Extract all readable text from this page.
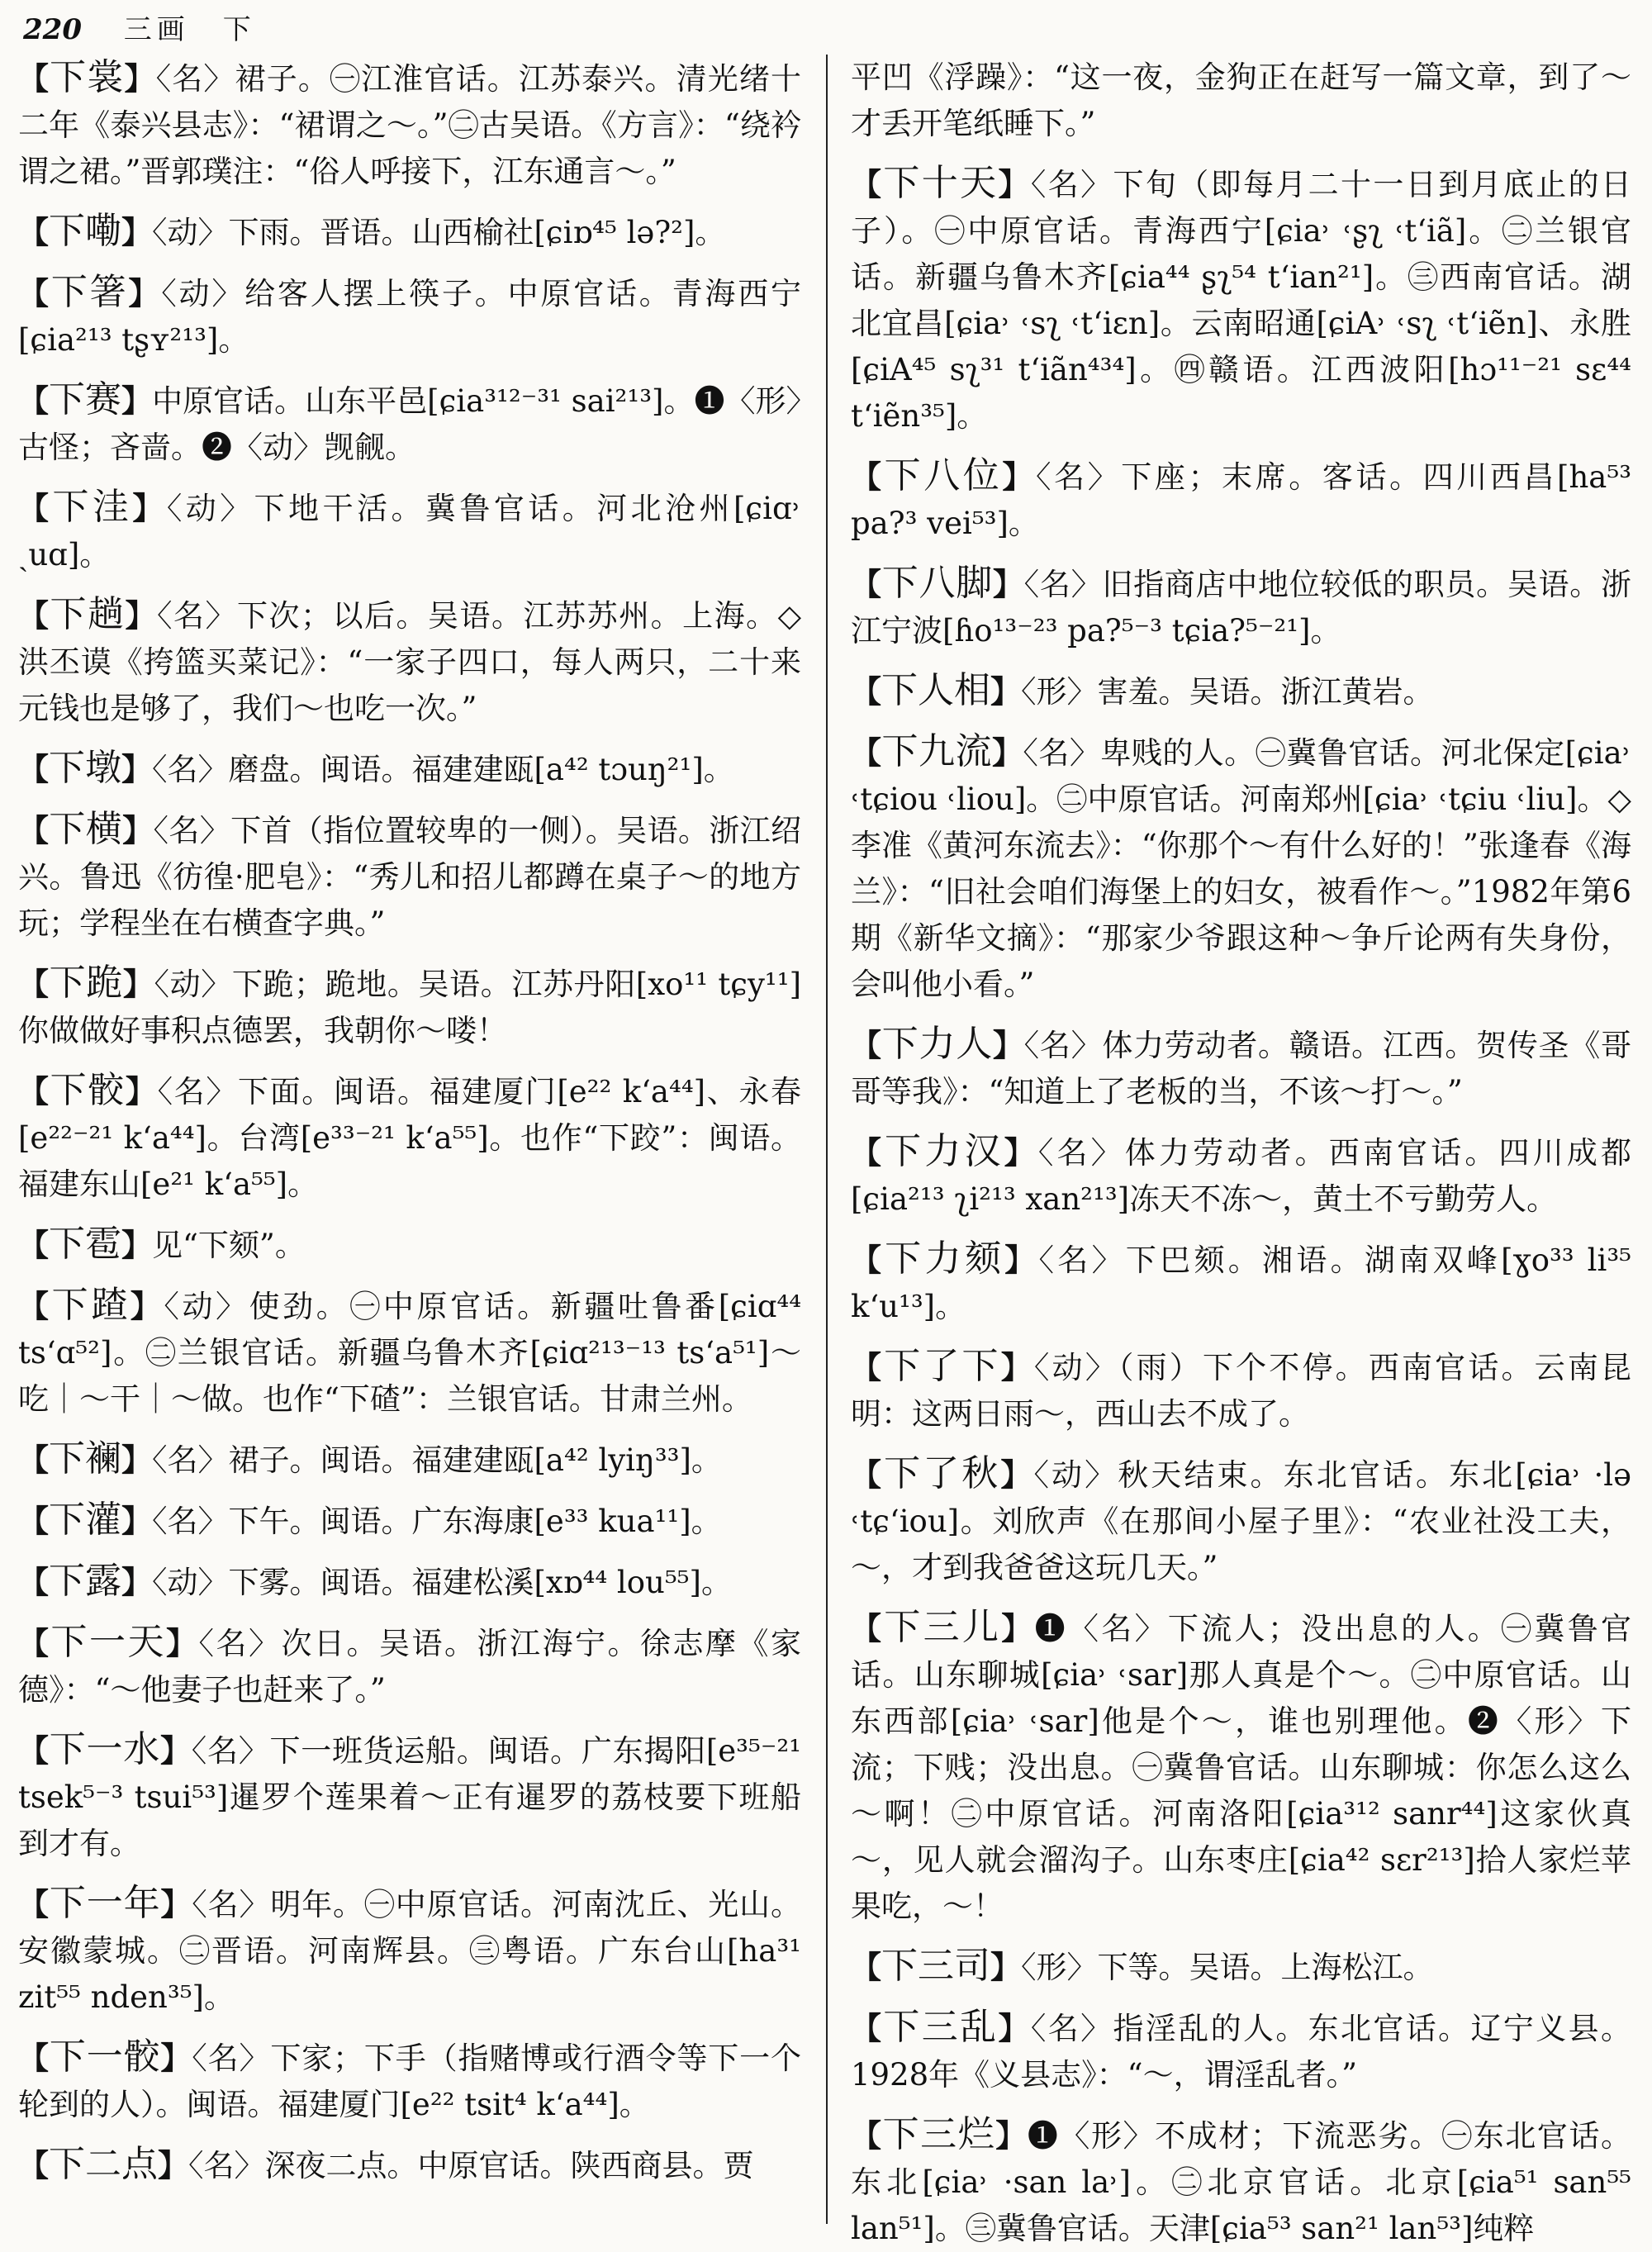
220 三画　下

【下裳】〈名〉裙子。㊀江淮官话。江苏泰兴。清光绪十二年《泰兴县志》：“裙谓之～。”㊁古吴语。《方言》：“绕衿谓之裙。”晋郭璞注：“俗人呼接下，江东通言～。”

【下嘞】〈动〉下雨。晋语。山西榆社[ɕiɒ⁴⁵ lə?²]。

【下箸】〈动〉给客人摆上筷子。中原官话。青海西宁[ɕia²¹³ tʂʏ²¹³]。

【下赛】中原官话。山东平邑[ɕia³¹²⁻³¹ sai²¹³]。❶〈形〉古怪；吝啬。❷〈动〉觊觎。

【下洼】〈动〉下地干活。冀鲁官话。河北沧州[ɕiɑ˒ ˏuɑ]。

【下趟】〈名〉下次；以后。吴语。江苏苏州。上海。◇洪丕谟《挎篮买菜记》：“一家子四口，每人两只，二十来元钱也是够了，我们～也吃一次。”

【下墩】〈名〉磨盘。闽语。福建建瓯[a⁴² tɔuŋ²¹]。

【下横】〈名〉下首（指位置较卑的一侧）。吴语。浙江绍兴。鲁迅《彷徨·肥皂》：“秀儿和招儿都蹲在桌子～的地方玩；学程坐在右横查字典。”

【下跪】〈动〉下跪；跪地。吴语。江苏丹阳[xo¹¹ tɕy¹¹]你做做好事积点德罢，我朝你～喽！

【下骹】〈名〉下面。闽语。福建厦门[e²² k‘a⁴⁴]、永春[e²²⁻²¹ k‘a⁴⁴]。台湾[e³³⁻²¹ k‘a⁵⁵]。也作“下跤”：闽语。福建东山[e²¹ k‘a⁵⁵]。

【下雹】见“下颏”。

【下蹅】〈动〉使劲。㊀中原官话。新疆吐鲁番[ɕiɑ⁴⁴ ts‘ɑ⁵²]。㊁兰银官话。新疆乌鲁木齐[ɕiɑ²¹³⁻¹³ ts‘a⁵¹]～吃｜～干｜～做。也作“下碴”：兰银官话。甘肃兰州。

【下襕】〈名〉裙子。闽语。福建建瓯[a⁴² lyiŋ³³]。

【下灌】〈名〉下午。闽语。广东海康[e³³ kua¹¹]。

【下露】〈动〉下雾。闽语。福建松溪[xɒ⁴⁴ lou⁵⁵]。

【下一天】〈名〉次日。吴语。浙江海宁。徐志摩《家德》：“～他妻子也赶来了。”

【下一水】〈名〉下一班货运船。闽语。广东揭阳[e³⁵⁻²¹ tsek⁵⁻³ tsui⁵³]暹罗个莲果着～正有暹罗的荔枝要下班船到才有。

【下一年】〈名〉明年。㊀中原官话。河南沈丘、光山。安徽蒙城。㊁晋语。河南辉县。㊂粤语。广东台山[ha³¹ zit⁵⁵ nden³⁵]。

【下一骹】〈名〉下家；下手（指赌博或行酒令等下一个轮到的人）。闽语。福建厦门[e²² tsit⁴ k‘a⁴⁴]。

【下二点】〈名〉深夜二点。中原官话。陕西商县。贾

平凹《浮躁》：“这一夜，金狗正在赶写一篇文章，到了～才丢开笔纸睡下。”

【下十天】〈名〉下旬（即每月二十一日到月底止的日子）。㊀中原官话。青海西宁[ɕia˒ ˓ʂʅ ˓t‘iã]。㊁兰银官话。新疆乌鲁木齐[ɕia⁴⁴ ʂʅ⁵⁴ t‘ian²¹]。㊂西南官话。湖北宜昌[ɕia˒ ˓sʅ ˓t‘iɛn]。云南昭通[ɕiA˒ ˓sʅ ˓t‘iẽn]、永胜[ɕiA⁴⁵ sʅ³¹ t‘iãn⁴³⁴]。㊃赣语。江西波阳[hɔ¹¹⁻²¹ sɛ⁴⁴ t‘iẽn³⁵]。

【下八位】〈名〉下座；末席。客话。四川西昌[ha⁵³ pa?³ vei⁵³]。

【下八脚】〈名〉旧指商店中地位较低的职员。吴语。浙江宁波[ɦo¹³⁻²³ pa?⁵⁻³ tɕia?⁵⁻²¹]。

【下人相】〈形〉害羞。吴语。浙江黄岩。

【下九流】〈名〉卑贱的人。㊀冀鲁官话。河北保定[ɕia˒ ˓tɕiou ˓liou]。㊁中原官话。河南郑州[ɕia˒ ˓tɕiu ˓liu]。◇李准《黄河东流去》：“你那个～有什么好的！”张逢春《海兰》：“旧社会咱们海堡上的妇女，被看作～。”1982年第6期《新华文摘》：“那家少爷跟这种～争斤论两有失身份，会叫他小看。”

【下力人】〈名〉体力劳动者。赣语。江西。贺传圣《哥哥等我》：“知道上了老板的当，不该～打～。”

【下力汉】〈名〉体力劳动者。西南官话。四川成都[ɕia²¹³ ʅi²¹³ xan²¹³]冻天不冻～，黄土不亏勤劳人。

【下力颏】〈名〉下巴颏。湘语。湖南双峰[ɣo³³ li³⁵ k‘u¹³]。

【下了下】〈动〉（雨）下个不停。西南官话。云南昆明：这两日雨～，西山去不成了。

【下了秋】〈动〉秋天结束。东北官话。东北[ɕia˒ ·lə ˓tɕ‘iou]。刘欣声《在那间小屋子里》：“农业社没工夫，～，才到我爸爸这玩几天。”

【下三儿】❶〈名〉下流人；没出息的人。㊀冀鲁官话。山东聊城[ɕia˒ ˓sar]那人真是个～。㊁中原官话。山东西部[ɕia˒ ˓sar]他是个～，谁也别理他。❷〈形〉下流；下贱；没出息。㊀冀鲁官话。山东聊城：你怎么这么～啊！㊁中原官话。河南洛阳[ɕia³¹² sanr⁴⁴]这家伙真～，见人就会溜沟子。山东枣庄[ɕia⁴² sɛr²¹³]拾人家烂苹果吃，～！

【下三司】〈形〉下等。吴语。上海松江。

【下三乱】〈名〉指淫乱的人。东北官话。辽宁义县。1928年《义县志》：“～，谓淫乱者。”

【下三烂】❶〈形〉不成材；下流恶劣。㊀东北官话。东北[ɕia˒ ·san la˒]。㊁北京官话。北京[ɕia⁵¹ san⁵⁵ lan⁵¹]。㊂冀鲁官话。天津[ɕia⁵³ san²¹ lan⁵³]纯粹
